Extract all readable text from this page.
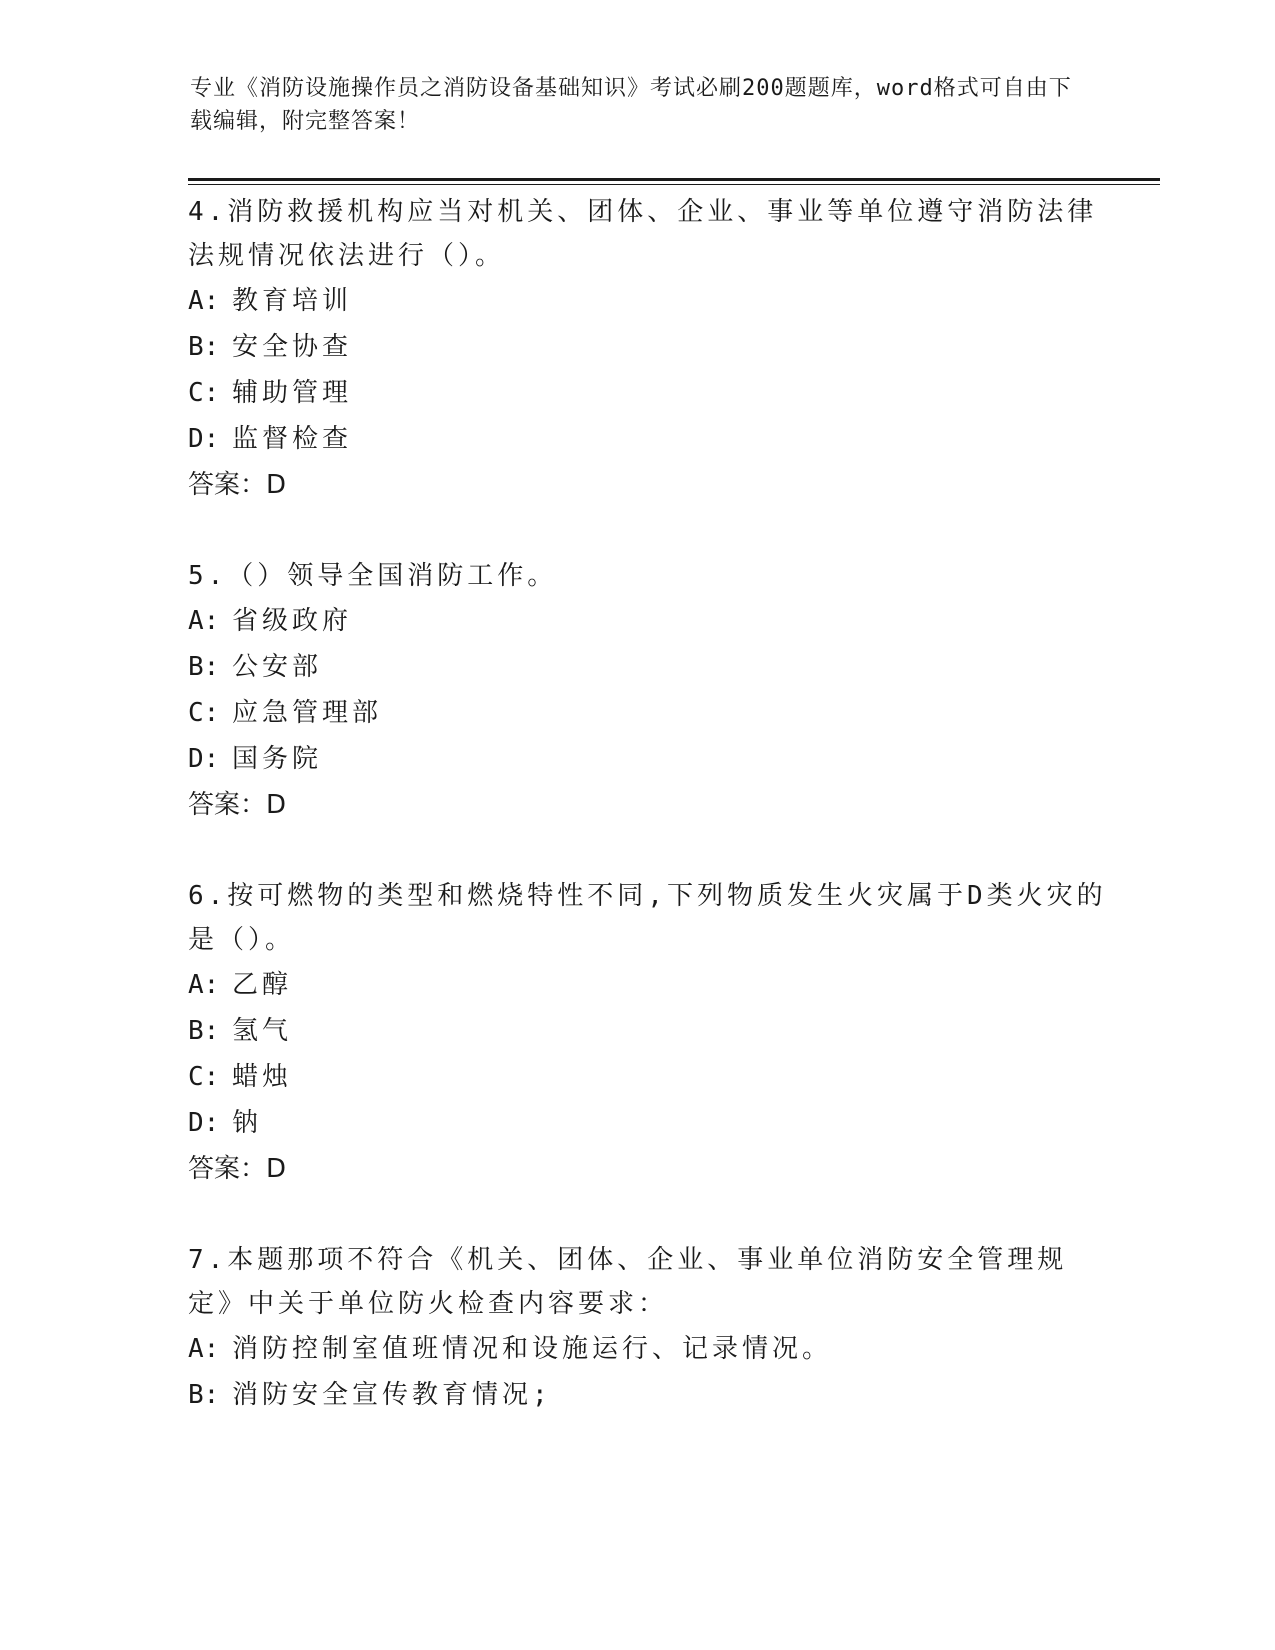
专业《消防设施操作员之消防设备基础知识》考试必刷200题题库，word格式可自由下载编辑，附完整答案！

4.消防救援机构应当对机关、团体、企业、事业等单位遵守消防法律法规情况依法进行（）。

A: 教育培训

B: 安全协查

C: 辅助管理

D: 监督检查

答案：D

5.（）领导全国消防工作。

A: 省级政府

B: 公安部

C: 应急管理部

D: 国务院

答案：D

6.按可燃物的类型和燃烧特性不同,下列物质发生火灾属于D类火灾的是（）。

A: 乙醇

B: 氢气

C: 蜡烛

D: 钠

答案：D

7.本题那项不符合《机关、团体、企业、事业单位消防安全管理规定》中关于单位防火检查内容要求：

A: 消防控制室值班情况和设施运行、记录情况。

B: 消防安全宣传教育情况;
